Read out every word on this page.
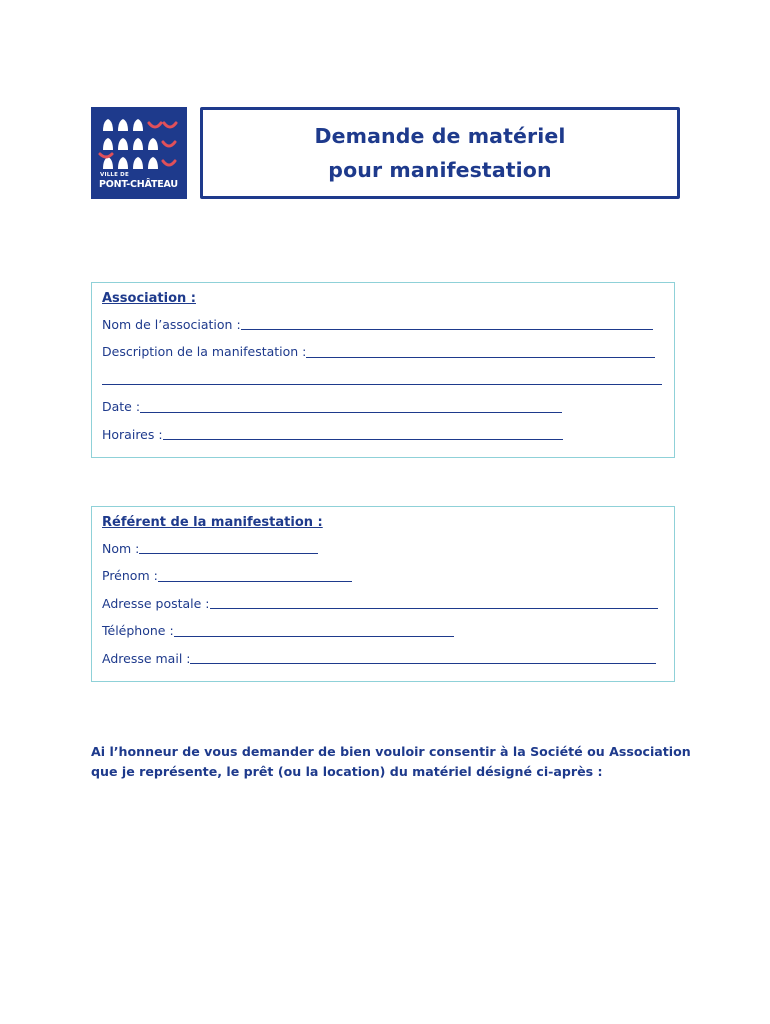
VILLE DE
PONT-CHÂTEAU
Demande de matériel
pour manifestation
Association :
Nom de l’association :
Description de la manifestation :
Date :
Horaires :
Référent de la manifestation :
Nom :
Prénom :
Adresse postale :
Téléphone :
Adresse mail :
Ai l’honneur de vous demander de bien vouloir consentir à la Société ou Association
que je représente, le prêt (ou la location) du matériel désigné ci-après :
